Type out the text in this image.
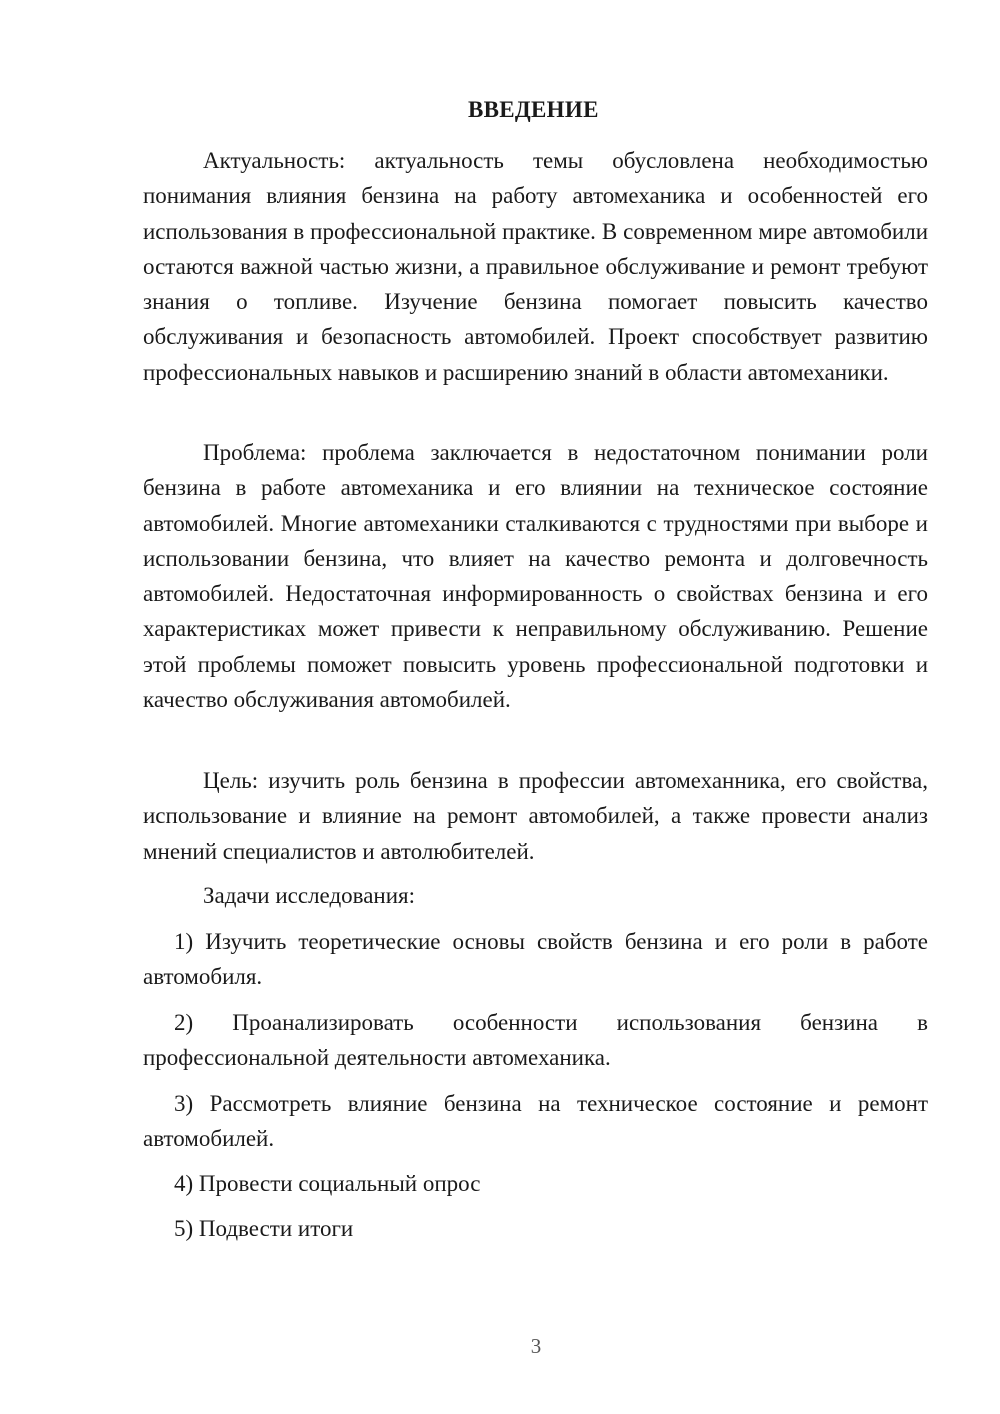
ВВЕДЕНИЕ

Актуальность: актуальность темы обусловлена необходимостью понимания влияния бензина на работу автомеханика и особенностей его использования в профессиональной практике. В современном мире автомобили остаются важной частью жизни, а правильное обслуживание и ремонт требуют знания о топливе. Изучение бензина помогает повысить качество обслуживания и безопасность автомобилей. Проект способствует развитию профессиональных навыков и расширению знаний в области автомеханики.

Проблема: проблема заключается в недостаточном понимании роли бензина в работе автомеханика и его влиянии на техническое состояние автомобилей. Многие автомеханики сталкиваются с трудностями при выборе и использовании бензина, что влияет на качество ремонта и долговечность автомобилей. Недостаточная информированность о свойствах бензина и его характеристиках может привести к неправильному обслуживанию. Решение этой проблемы поможет повысить уровень профессиональной подготовки и качество обслуживания автомобилей.

Цель: изучить роль бензина в профессии автомеханника, его свойства, использование и влияние на ремонт автомобилей, а также провести анализ мнений специалистов и автолюбителей.

Задачи исследования:

1) Изучить теоретические основы свойств бензина и его роли в работе автомобиля.

2) Проанализировать особенности использования бензина в профессиональной деятельности автомеханика.

3) Рассмотреть влияние бензина на техническое состояние и ремонт автомобилей.

4) Провести социальный опрос

5) Подвести итоги

3
